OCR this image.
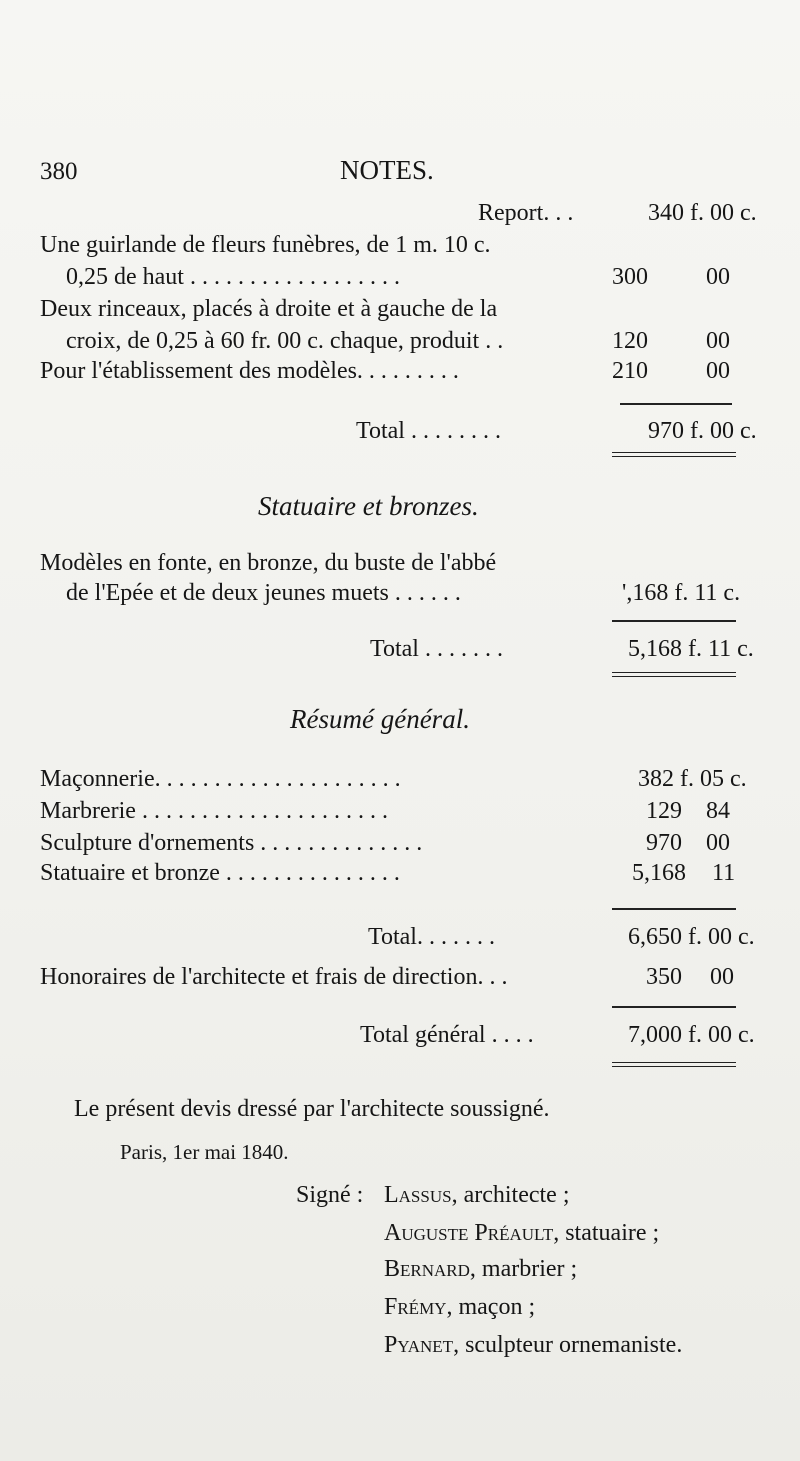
380	NOTES.
Report. . .	340 f. 00 c.
Une guirlande de fleurs funèbres, de 1 m. 10 c.
0,25 de haut . . . . . . . . . . . . . . . . . .	300 00
Deux rinceaux, placés à droite et à gauche de la
croix, de 0,25 à 60 fr. 00 c. chaque, produit . .	120 00
Pour l'établissement des modèles. . . . . . . . .	210 00
Total . . . . . . . .	970 f. 00 c.
Statuaire et bronzes.
Modèles en fonte, en bronze, du buste de l'abbé
de l'Epée et de deux jeunes muets . . . . . .	',168 f. 11 c.
Total . . . . . . .	5,168 f. 11 c.
Résumé général.
Maçonnerie. . . . . . . . . . . . . . . . . . . . .	382 f. 05 c.
Marbrerie . . . . . . . . . . . . . . . . . . . . .	129 84
Sculpture d'ornements . . . . . . . . . . . . . .	970 00
Statuaire et bronze . . . . . . . . . . . . . . .	5,168 11
Total. . . . . . .	6,650 f. 00 c.
Honoraires de l'architecte et frais de direction. . .	350 00
Total général . . . .	7,000 f. 00 c.
Le présent devis dressé par l'architecte soussigné.
Paris, 1er mai 1840.
Signé : Lassus, architecte ;
Auguste Préault, statuaire ;
Bernard, marbrier ;
Frémy, maçon ;
Pyanet, sculpteur ornemaniste.
